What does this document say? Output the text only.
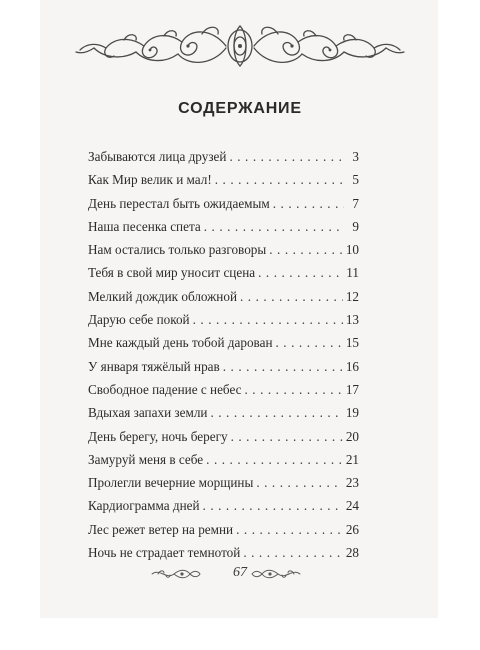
СОДЕРЖАНИЕ
Забываются лица друзей . . .	3
Как Мир велик и мал! . . .	5
День перестал быть ожидаемым . . .	7
Наша песенка спета . . .	9
Нам остались только разговоры . . .	10
Тебя в свой мир уносит сцена . . .	11
Мелкий дождик обложной . . .	12
Дарую себе покой . . .	13
Мне каждый день тобой дарован . . .	15
У января тяжёлый нрав . . .	16
Свободное падение с небес . . .	17
Вдыхая запахи земли . . .	19
День берегу, ночь берегу . . .	20
Замуруй меня в себе . . .	21
Пролегли вечерние морщины . . .	23
Кардиограмма дней . . .	24
Лес режет ветер на ремни . . .	26
Ночь не страдает темнотой . . .	28
67
